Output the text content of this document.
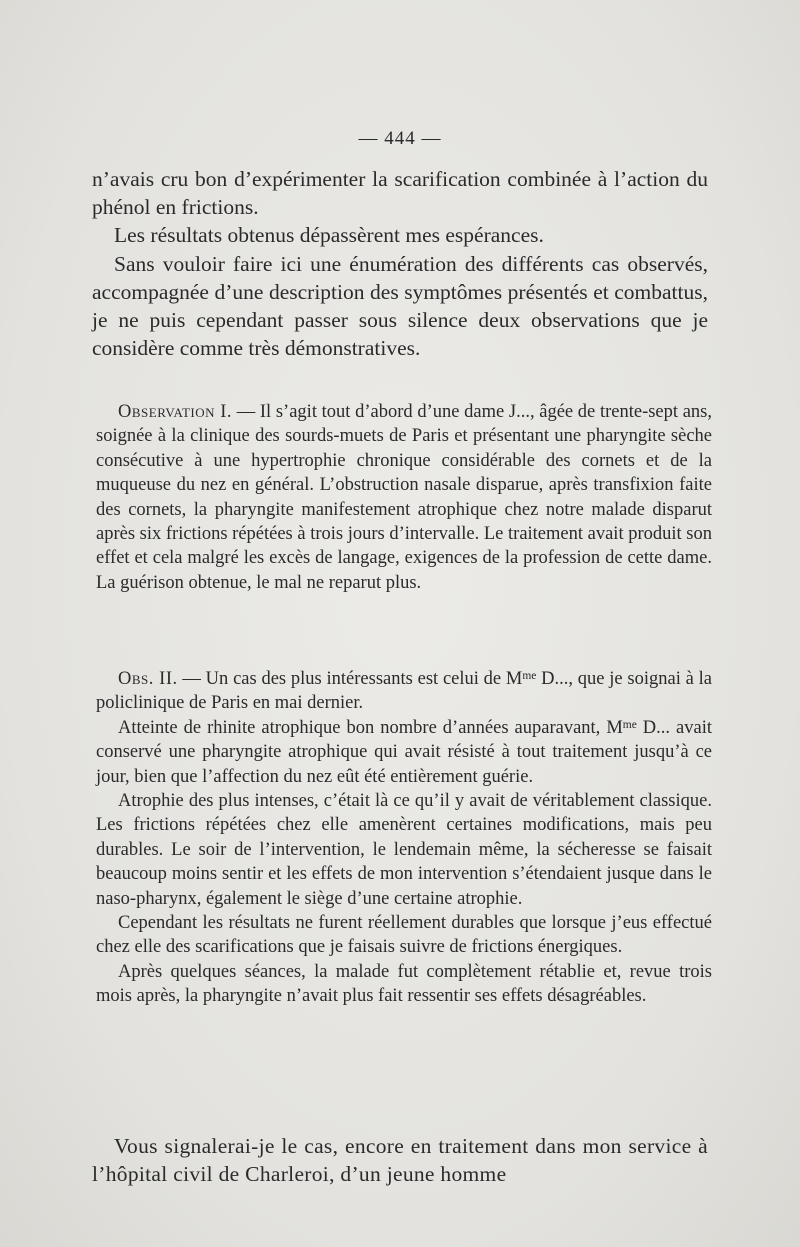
— 444 —

n’avais cru bon d’expérimenter la scarification combinée à l’action du phénol en frictions.

Les résultats obtenus dépassèrent mes espérances.

Sans vouloir faire ici une énumération des différents cas observés, accompagnée d’une description des symptômes présentés et combattus, je ne puis cependant passer sous silence deux observations que je considère comme très démonstratives.

Observation I. — Il s’agit tout d’abord d’une dame J..., âgée de trente-sept ans, soignée à la clinique des sourds-muets de Paris et présentant une pharyngite sèche consécutive à une hypertrophie chronique considérable des cornets et de la muqueuse du nez en général. L’obstruction nasale disparue, après transfixion faite des cornets, la pharyngite manifestement atrophique chez notre malade disparut après six frictions répétées à trois jours d’intervalle. Le traitement avait produit son effet et cela malgré les excès de langage, exigences de la profession de cette dame. La guérison obtenue, le mal ne reparut plus.

Obs. II. — Un cas des plus intéressants est celui de $M^{me}$ D..., que je soignai à la policlinique de Paris en mai dernier.

Atteinte de rhinite atrophique bon nombre d’années auparavant, $M^{me}$ D... avait conservé une pharyngite atrophique qui avait résisté à tout traitement jusqu’à ce jour, bien que l’affection du nez eût été entièrement guérie.

Atrophie des plus intenses, c’était là ce qu’il y avait de véritablement classique. Les frictions répétées chez elle amenèrent certaines modifications, mais peu durables. Le soir de l’intervention, le lendemain même, la sécheresse se faisait beaucoup moins sentir et les effets de mon intervention s’étendaient jusque dans le naso-pharynx, également le siège d’une certaine atrophie.

Cependant les résultats ne furent réellement durables que lorsque j’eus effectué chez elle des scarifications que je faisais suivre de frictions énergiques.

Après quelques séances, la malade fut complètement rétablie et, revue trois mois après, la pharyngite n’avait plus fait ressentir ses effets désagréables.

Vous signalerai-je le cas, encore en traitement dans mon service à l’hôpital civil de Charleroi, d’un jeune homme
